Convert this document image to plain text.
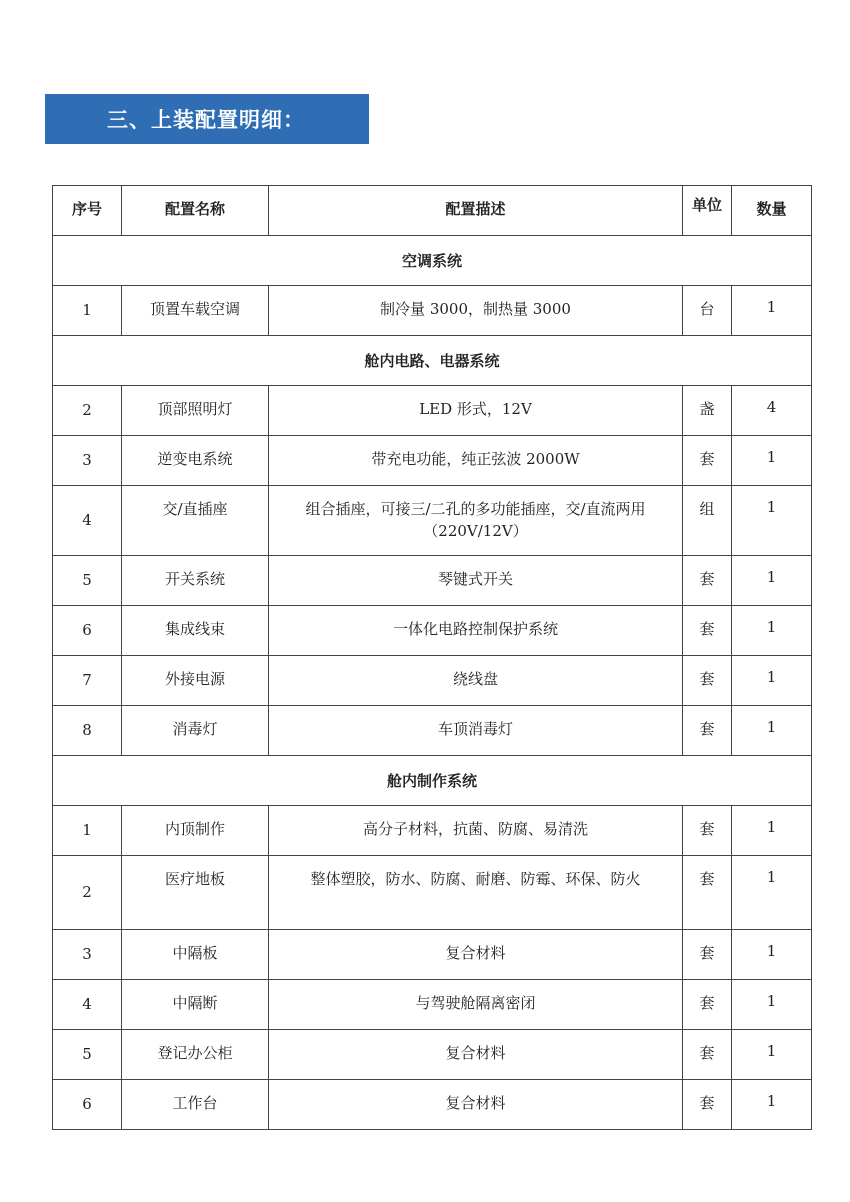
三、上装配置明细：
序号	配置名称	配置描述	单位	数量
空调系统				
1	顶置车载空调	制冷量 3000，制热量 3000	台	1
舱内电路、电器系统				
2	顶部照明灯	LED 形式，12V	盏	4
3	逆变电系统	带充电功能，纯正弦波 2000W	套	1
4	交/直插座	组合插座，可接三/二孔的多功能插座，交/直流两用（220V/12V）	组	1
5	开关系统	琴键式开关	套	1
6	集成线束	一体化电路控制保护系统	套	1
7	外接电源	绕线盘	套	1
8	消毒灯	车顶消毒灯	套	1
舱内制作系统				
1	内顶制作	高分子材料，抗菌、防腐、易清洗	套	1
2	医疗地板	整体塑胶，防水、防腐、耐磨、防霉、环保、防火	套	1
3	中隔板	复合材料	套	1
4	中隔断	与驾驶舱隔离密闭	套	1
5	登记办公柜	复合材料	套	1
6	工作台	复合材料	套	1
